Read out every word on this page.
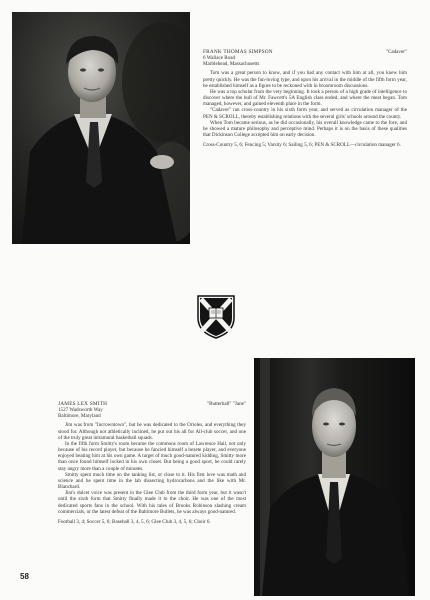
FRANK THOMAS SIMPSON	"Cadaver"
6 Wallace Road
Marblehead, Massachusetts

Tom was a great person to know, and if you had any contact with him at all, you knew him pretty quickly. He was the fun-loving type, and upon his arrival in the middle of the fifth form year, he established himself as a figure to be reckoned with in broomroom discussions.

He was a top scholar from the very beginning. It took a person of a high grade of intelligence to discover where the bull of Mr. Fawcett's 5A English class ended, and where the meat began. Tom managed, however, and gained eleventh place in the form.

"Cadaver" ran cross-country in his sixth form year, and served as circulation manager of the PEN & SCROLL, thereby establishing relations with the several girls' schools around the county.

When Tom became serious, as he did occasionally, his overall knowledge came to the fore, and he showed a mature philosophy and perceptive mind. Perhaps it is on the basis of these qualities that Dickinson College accepted him on early decision.

Cross-Country 5, 6; Fencing 5; Varsity 6; Sailing 5, 6; PEN & SCROLL—circulation manager 6.

JAMES LEX SMITH	"Butterball" "Jane"
1527 Wadsworth Way
Baltimore, Maryland

Jim was from "Incrowntown", but he was dedicated to the Orioles, and everything they stood for. Although not athletically inclined, he put out his all for All-club soccer, and one of the truly great intramural basketball squads.

In the fifth form Smitty's room became the commons room of Lawrence Hall, not only because of his record player, but because he fancied himself a bezete player, and everyone enjoyed beating him at his own game. A target of much good-natured kidding, Smitty more than once found himself locked in his own closet. But being a good sport, he could rarely stay angry more than a couple of minutes.

Smitty spent much time on the tanking list, or close to it. His first love was math and science and he spent time in the lab dissecting hydrocarbons and the like with Mr. Blanchard.

Jim's dulcet voice was present in the Glee Club from the third form year, but it wasn't until the sixth form that Smitty finally made it to the choir. He was one of the most dedicated sports fans in the school. With his tales of Brooks Robinson slashing cream commercials, or the latest defeat of the Baltimore Bullets, he was always good-natured.

Football 3, 4; Soccer 5, 6; Baseball 3, 4, 5, 6; Glee Club 3, 4, 5, 6; Choir 6.

58
